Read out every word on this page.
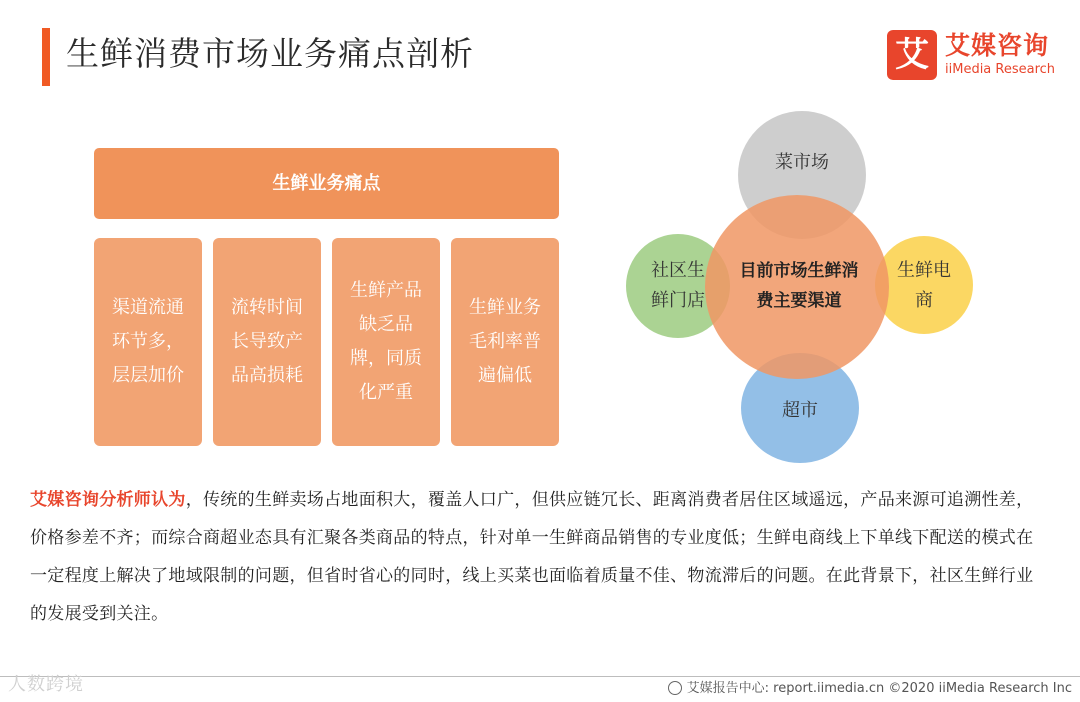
生鲜消费市场业务痛点剖析	艾 艾媒咨询
iiMedia Research
生鲜业务痛点
渠道流通环节多，层层加价
流转时间长导致产品高损耗
生鲜产品缺乏品牌，同质化严重
生鲜业务毛利率普遍偏低
菜市场
社区生鲜门店
生鲜电商
超市
目前市场生鲜消费主要渠道
艾媒咨询分析师认为，传统的生鲜卖场占地面积大，覆盖人口广，但供应链冗长、距离消费者居住区域遥远，产品来源可追溯性差，价格参差不齐；而综合商超业态具有汇聚各类商品的特点，针对单一生鲜商品销售的专业度低；生鲜电商线上下单线下配送的模式在一定程度上解决了地域限制的问题，但省时省心的同时，线上买菜也面临着质量不佳、物流滞后的问题。在此背景下，社区生鲜行业的发展受到关注。
人数跨境	艾媒报告中心: report.iimedia.cn ©2020 iiMedia Research Inc
